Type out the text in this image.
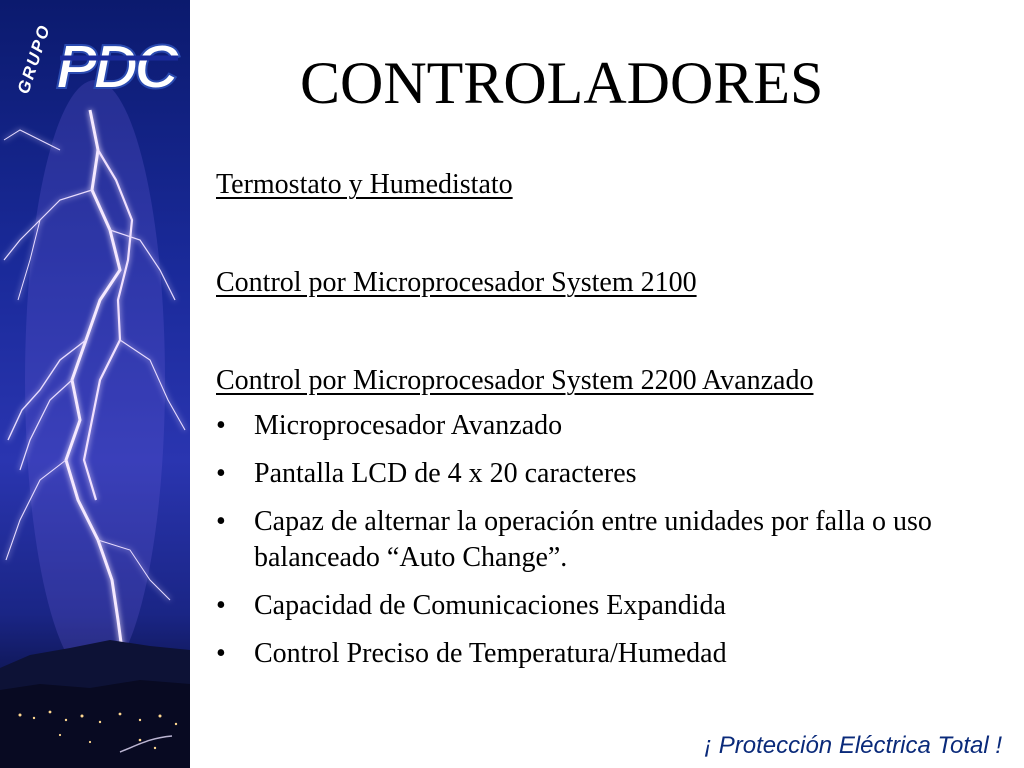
GRUPO PDC CONTROLADORES
Termostato y Humedistato
Control por Microprocesador System 2100
Control por Microprocesador System 2200 Avanzado
• Microprocesador Avanzado
• Pantalla LCD de 4 x 20 caracteres
• Capaz de alternar la operación entre unidades por falla o uso balanceado “Auto Change”.
• Capacidad de Comunicaciones Expandida
• Control Preciso de Temperatura/Humedad
¡ Protección Eléctrica Total !
